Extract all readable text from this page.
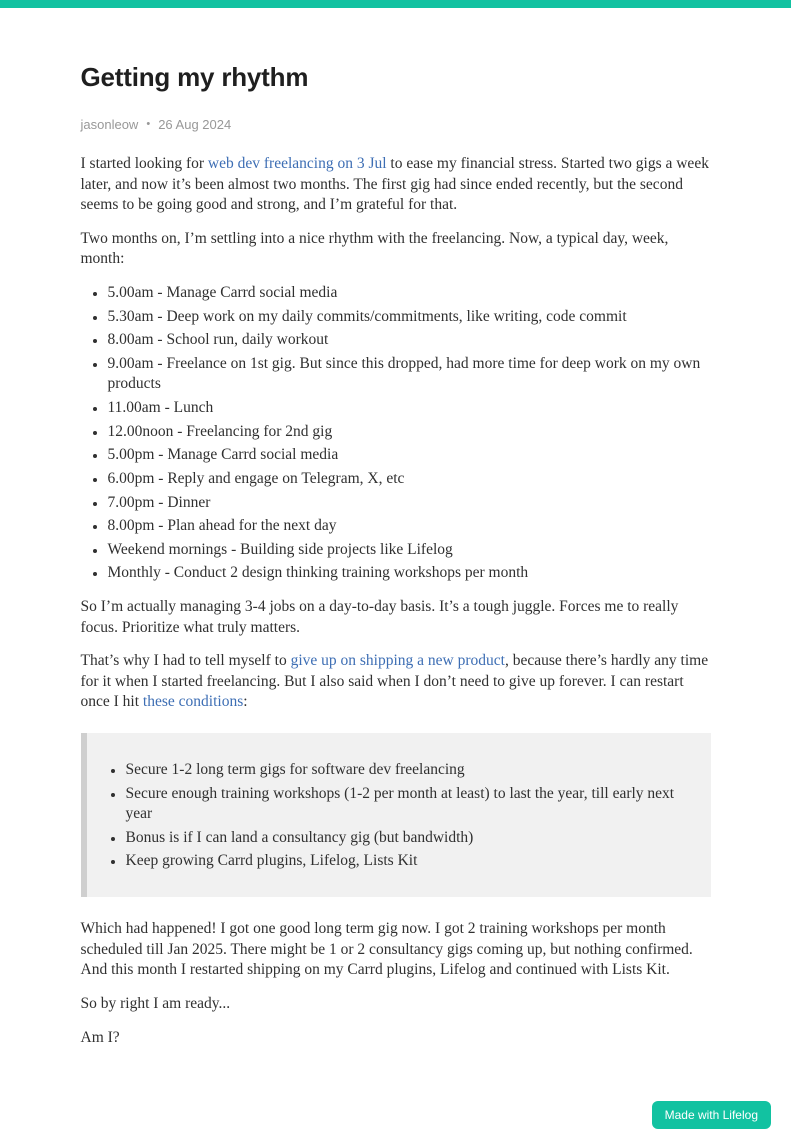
Getting my rhythm
jasonleow • 26 Aug 2024

I started looking for web dev freelancing on 3 Jul to ease my financial stress. Started two gigs a week later, and now it’s been almost two months. The first gig had since ended recently, but the second seems to be going good and strong, and I’m grateful for that.

Two months on, I’m settling into a nice rhythm with the freelancing. Now, a typical day, week, month:

• 5.00am - Manage Carrd social media
• 5.30am - Deep work on my daily commits/commitments, like writing, code commit
• 8.00am - School run, daily workout
• 9.00am - Freelance on 1st gig. But since this dropped, had more time for deep work on my own products
• 11.00am - Lunch
• 12.00noon - Freelancing for 2nd gig
• 5.00pm - Manage Carrd social media
• 6.00pm - Reply and engage on Telegram, X, etc
• 7.00pm - Dinner
• 8.00pm - Plan ahead for the next day
• Weekend mornings - Building side projects like Lifelog
• Monthly - Conduct 2 design thinking training workshops per month

So I’m actually managing 3-4 jobs on a day-to-day basis. It’s a tough juggle. Forces me to really focus. Prioritize what truly matters.

That’s why I had to tell myself to give up on shipping a new product, because there’s hardly any time for it when I started freelancing. But I also said when I don’t need to give up forever. I can restart once I hit these conditions:

• Secure 1-2 long term gigs for software dev freelancing
• Secure enough training workshops (1-2 per month at least) to last the year, till early next year
• Bonus is if I can land a consultancy gig (but bandwidth)
• Keep growing Carrd plugins, Lifelog, Lists Kit

Which had happened! I got one good long term gig now. I got 2 training workshops per month scheduled till Jan 2025. There might be 1 or 2 consultancy gigs coming up, but nothing confirmed. And this month I restarted shipping on my Carrd plugins, Lifelog and continued with Lists Kit.

So by right I am ready...

Am I?

Made with Lifelog
